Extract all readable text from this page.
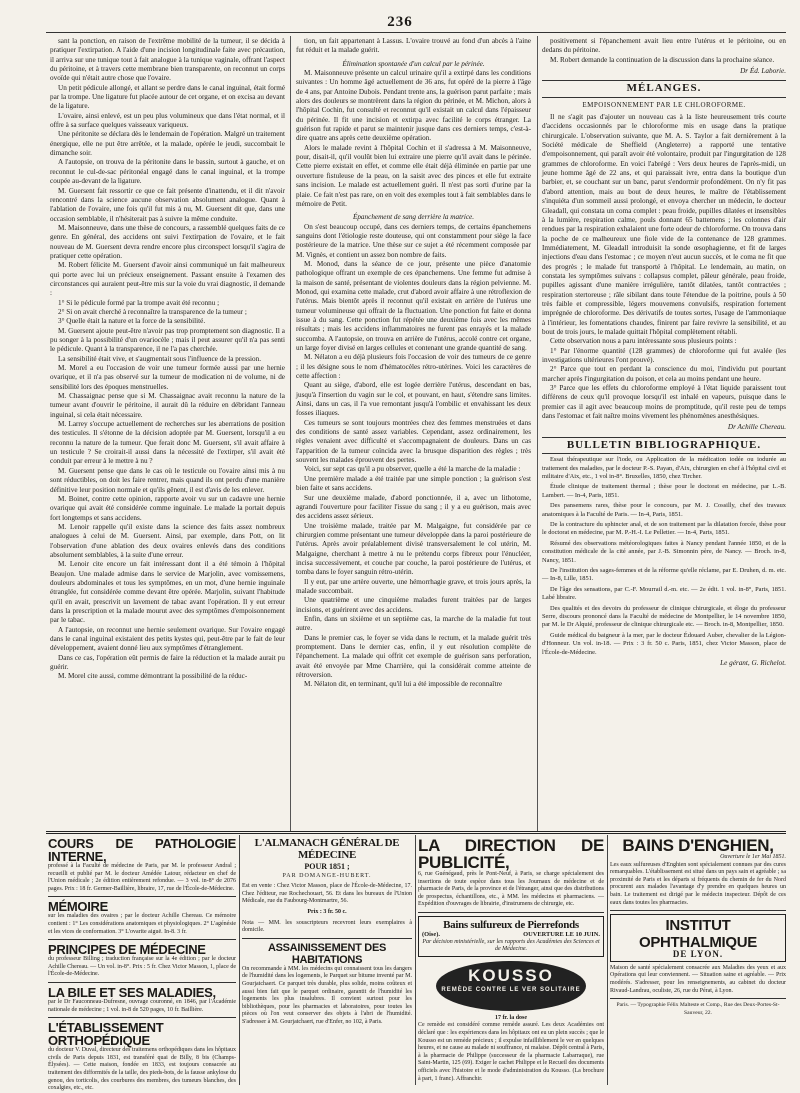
236

sant la ponction, en raison de l'extrême mobilité de la tumeur, il se décida à pratiquer l'extirpation. A l'aide d'une incision longitudinale faite avec précaution, il arriva sur une tunique tout à fait analogue à la tunique vaginale, offrant l'aspect du péritoine, et à travers cette membrane bien transparente, on reconnut un corps ovoïde qui n'était autre chose que l'ovaire.

Un petit pédicule allongé, et allant se perdre dans le canal inguinal, était formé par la trompe. Une ligature fut placée autour de cet organe, et on excisa au devant de la ligature.

L'ovaire, ainsi enlevé, est un peu plus volumineux que dans l'état normal, et il offre à sa surface quelques vaisseaux variqueux.

Une péritonite se déclara dès le lendemain de l'opération. Malgré un traitement énergique, elle ne put être arrêtée, et la malade, opérée le jeudi, succombait le dimanche soir.

A l'autopsie, on trouva de la péritonite dans le bassin, surtout à gauche, et on reconnut le cul-de-sac péritonéal engagé dans le canal inguinal, et la trompe coupée au-devant de la ligature.

M. Guersent fait ressortir ce que ce fait présente d'inattendu, et il dit n'avoir rencontré dans la science aucune observation absolument analogue. Quant à l'ablation de l'ovaire, une fois qu'il fut mis à nu, M. Guersent dit que, dans une occasion semblable, il n'hésiterait pas à suivre la même conduite.

M. Maisonneuve, dans une thèse de concours, a rassemblé quelques faits de ce genre. En général, des accidens ont suivi l'extirpation de l'ovaire, et le fait nouveau de M. Guersent devra rendre encore plus circonspect lorsqu'il s'agira de pratiquer cette opération.

M. Robert félicite M. Guersent d'avoir ainsi communiqué un fait malheureux qui porte avec lui un précieux enseignement. Passant ensuite à l'examen des circonstances qui auraient peut-être mis sur la voie du vrai diagnostic, il demande :

1° Si le pédicule formé par la trompe avait été reconnu ;

2° Si on avait cherché à reconnaître la transparence de la tumeur ;

3° Quelle était la nature et la force de la sensibilité.

M. Guersent ajoute peut-être n'avoir pas trop promptement son diagnostic. Il a pu songer à la possibilité d'un ovariocèle ; mais il peut assurer qu'il n'a pas senti le pédicule. Quant à la transparence, il ne l'a pas cherchée.

La sensibilité était vive, et s'augmentait sous l'influence de la pression.

M. Morel a eu l'occasion de voir une tumeur formée aussi par une hernie ovarique, et il n'a pas observé sur la tumeur de modication ni de volume, ni de sensibilité lors des époques menstruelles.

M. Chassaignac pense que si M. Chassaignac avait reconnu la nature de la tumeur avant d'ouvrir le péritoine, il aurait dû la réduire en débridant l'anneau inguinal, si cela était nécessaire.

M. Larrey s'occupe actuellement de recherches sur les aberrations de position des testicules. Il s'étonne de la décision adoptée par M. Guersent, lorsqu'il a eu reconnu la nature de la tumeur. Que ferait donc M. Guersent, s'il avait affaire à un testicule ? Se croirait-il aussi dans la nécessité de l'extirper, s'il avait été conduit par erreur à le mettre à nu ?

M. Guersent pense que dans le cas où le testicule ou l'ovaire ainsi mis à nu sont réductibles, on doit les faire rentrer, mais quand ils ont perdu d'une manière définitive leur position normale et qu'ils gênent, il est d'avis de les enlever.

M. Boinet, contre cette opinion, rapporte avoir vu sur un cadavre une hernie ovarique qui avait été considérée comme inguinale. Le malade la portait depuis fort longtemps et sans accidens.

M. Lenoir rappelle qu'il existe dans la science des faits assez nombreux analogues à celui de M. Guersent. Ainsi, par exemple, dans Pott, on lit l'observation d'une ablation des deux ovaires enlevés dans des conditions absolument semblables, à la suite d'une erreur.

M. Lenoir cite encore un fait intéressant dont il a été témoin à l'hôpital Beaujon. Une malade admise dans le service de Marjolin, avec vomissemens, douleurs abdominales et tous les symptômes, en un mot, d'une hernie inguinale étranglée, fut considérée comme devant être opérée. Marjolin, suivant l'habitude qu'il en avait, prescrivit un lavement de tabac avant l'opération. Il y eut erreur dans la prescription et la malade mourut avec des symptômes d'empoisonnement par le tabac.

A l'autopsie, on reconnut une hernie seulement ovarique. Sur l'ovaire engagé dans le canal inguinal existaient des petits kystes qui, peut-être par le fait de leur développement, avaient donné lieu aux symptômes d'étranglement.

Dans ce cas, l'opération eût permis de faire la réduction et la malade aurait pu guérir.

M. Morel cite aussi, comme démontrant la possibilité de la réduc-

tion, un fait appartenant à Lassus. L'ovaire trouvé au fond d'un abcès à l'aine fut réduit et la malade guérit.

Élimination spontanée d'un calcul par le périnée.

M. Maisonneuve présente un calcul urinaire qu'il a extirpé dans les conditions suivantes : Un homme âgé actuellement de 36 ans, fut opéré de la pierre à l'âge de 4 ans, par Antoine Dubois. Pendant trente ans, la guérison parut parfaite ; mais alors des douleurs se montrèrent dans la région du périnée, et M. Michon, alors à l'hôpital Cochin, fut consulté et reconnut qu'il existait un calcul dans l'épaisseur du périnée. Il fit une incision et extirpa avec facilité le corps étranger. La guérison fut rapide et parut se maintenir jusque dans ces derniers temps, c'est-à-dire quatre ans après cette deuxième opération.

Alors le malade revint à l'hôpital Cochin et il s'adressa à M. Maisonneuve, pour, disait-il, qu'il voulût bien lui extraire une pierre qu'il avait dans le périnée. Cette pierre existait en effet, et comme elle était déjà éliminée en partie par une ouverture fistuleuse de la peau, on la saisit avec des pinces et elle fut extraite sans incision. Le malade est actuellement guéri. Il n'est pas sorti d'urine par la plaie. Ce fait n'est pas rare, on en voit des exemples tout à fait semblables dans le mémoire de Petit.

Épanchement de sang derrière la matrice.

On s'est beaucoup occupé, dans ces derniers temps, de certains épanchemens sanguins dont l'étiologie reste douteuse, qui ont constamment pour siège la face postérieure de la matrice. Une thèse sur ce sujet a été récemment composée par M. Vignès, et contient un assez bon nombre de faits.

M. Monod, dans la séance de ce jour, présente une pièce d'anatomie pathologique offrant un exemple de ces épanchemens. Une femme fut admise à la maison de santé, présentant de violentes douleurs dans la région pelvienne. M. Monod, qui examina cette malade, crut d'abord avoir affaire à une rétroflexion de l'utérus. Mais bientôt après il reconnut qu'il existait en arrière de l'utérus une tumeur volumineuse qui offrait de la fluctuation. Une ponction fut faite et donna issue à du sang. Cette ponction fut répétée une deuxième fois avec les mêmes résultats ; mais les accidens inflammatoires ne furent pas enrayés et la malade succomba. A l'autopsie, on trouva en arrière de l'utérus, accolé contre cet organe, un large foyer divisé en larges cellules et contenant une grande quantité de sang.

M. Nélaton a eu déjà plusieurs fois l'occasion de voir des tumeurs de ce genre ; il les désigne sous le nom d'hématocèles rétro-utérines. Voici les caractères de cette affection :

Quant au siège, d'abord, elle est logée derrière l'utérus, descendant en bas, jusqu'à l'insertion du vagin sur le col, et pouvant, en haut, s'étendre sans limites. Ainsi, dans un cas, il l'a vue remontant jusqu'à l'ombilic et envahissant les deux fosses iliaques.

Ces tumeurs se sont toujours montrées chez des femmes menstruées et dans des conditions de santé assez variables. Cependant, assez ordinairement, les règles venaient avec difficulté et s'accompagnaient de douleurs. Dans un cas l'apparition de la tumeur coïncida avec la brusque disparition des règles ; très souvent les malades éprouvent des pertes.

Voici, sur sept cas qu'il a pu observer, quelle a été la marche de la maladie :

Une première malade a été traitée par une simple ponction ; la guérison s'est bien faite et sans accidens.

Sur une deuxième malade, d'abord ponctionnée, il a, avec un lithotome, agrandi l'ouverture pour faciliter l'issue du sang ; il y a eu guérison, mais avec des accidens assez sérieux.

Une troisième malade, traitée par M. Malgaigne, fut considérée par ce chirurgien comme présentant une tumeur développée dans la paroi postérieure de l'utérus. Après avoir préalablement divisé transversalement le col utérin, M. Malgaigne, cherchant à mettre à nu le prétendu corps fibreux pour l'énucléer, incisa successivement, et couche par couche, la paroi postérieure de l'utérus, et tomba dans le foyer sanguin rétro-utérin.

Il y eut, par une artère ouverte, une hémorrhagie grave, et trois jours après, la malade succombait.

Une quatrième et une cinquième malades furent traitées par de larges incisions, et guérirent avec des accidens.

Enfin, dans un sixième et un septième cas, la marche de la maladie fut tout autre.

Dans le premier cas, le foyer se vida dans le rectum, et la malade guérit très promptement. Dans le dernier cas, enfin, il y eut résolution complète de l'épanchement. La malade qui offrit cet exemple de guérison sans perforation, avait été envoyée par Mme Charrière, qui la considérait comme atteinte de rétroversion.

M. Nélaton dit, en terminant, qu'il lui a été impossible de reconnaître

positivement si l'épanchement avait lieu entre l'utérus et le péritoine, ou en dedans du péritoine.

M. Robert demande la continuation de la discussion dans la prochaine séance.

Dr Éd. Laborie.

MÉLANGES.
EMPOISONNEMENT PAR LE CHLOROFORME.

Il ne s'agit pas d'ajouter un nouveau cas à la liste heureusement très courte d'accidens occasionnés par le chloroforme mis en usage dans la pratique chirurgicale. L'observation suivante, que M. A. S. Taylor a fait dernièrement à la Société médicale de Sheffield (Angleterre) a rapporté une tentative d'empoisonnement, qui paraît avoir été volontaire, produit par l'ingurgitation de 128 grammes de chloroforme. En voici l'abrégé : Vers deux heures de l'après-midi, un jeune homme âgé de 22 ans, et qui paraissait ivre, entra dans la boutique d'un barbier, et, se couchant sur un banc, parut s'endormir profondément. On n'y fit pas d'abord attention, mais au bout de deux heures, le maître de l'établissement s'inquiéta d'un sommeil aussi prolongé, et envoya chercher un médecin, le docteur Gleadall, qui constata un coma complet : peau froide, pupilles dilatées et insensibles à la lumière, respiration calme, pouls donnant 65 battemens ; les colonnes d'air rendues par la respiration exhalaient une forte odeur de chloroforme. On trouva dans la poche de ce malheureux une fiole vide de la contenance de 128 grammes. Immédiatement, M. Gleadall introduisit la sonde œsophagienne, et fit de larges injections d'eau dans l'estomac ; ce moyen n'eut aucun succès, et le coma ne fit que des progrès ; le malade fut transporté à l'hôpital. Le lendemain, au matin, on constata les symptômes suivans : collapsus complet, pâleur générale, peau froide, pupilles agissant d'une manière irrégulière, tantôt dilatées, tantôt contractées ; respiration stertoreuse ; râle sibilant dans toute l'étendue de la poitrine, pouls à 50 très faible et compressible, légers mouvemens convulsifs, respiration fortement imprégnée de chloroforme. Des dérivatifs de toutes sortes, l'usage de l'ammoniaque à l'intérieur, les fomentations chaudes, finirent par faire revivre la sensibilité, et au bout de trois jours, le malade quittait l'hôpital complètement rétabli.

Cette observation nous a paru intéressante sous plusieurs points :

1° Par l'énorme quantité (128 grammes) de chloroforme qui fut avalée (les investigations ultérieures l'ont prouvé).

2° Parce que tout en perdant la conscience du moi, l'individu put pourtant marcher après l'ingurgitation du poison, et cela au moins pendant une heure.

3° Parce que les effets du chloroforme employé à l'état liquide paraissent tout différens de ceux qu'il provoque lorsqu'il est inhalé en vapeurs, puisque dans le premier cas il agit avec beaucoup moins de promptitude, qu'il reste peu de temps dans l'estomac et fait naître moins vivement les phénomènes anesthésiques.

Dr Achille Chereau.

BULLETIN BIBLIOGRAPHIQUE.

Essai thérapeutique sur l'iode, ou Application de la médication iodée ou iodurée au traitement des maladies, par le docteur P.-S. Payan, d'Aix, chirurgien en chef à l'hôpital civil et militaire d'Aix, etc., 1 vol in-8°. Bruxelles, 1850, chez Tircher.

Étude clinique de traitement thermal ; thèse pour le doctorat en médecine, par L.-B. Lambert. — In-4, Paris, 1851.

Des pansemens rares, thèse pour le concours, par M. J. Cossilly, chef des travaux anatomiques à la Faculté de Paris. — In-4, Paris, 1851.

De la contracture du sphincter anal, et de son traitement par la dilatation forcée, thèse pour le doctorat en médecine, par M. P.-H.-I. Le Pelletier. — In-4, Paris, 1851.

Résumé des observations météorologiques faites à Nancy pendant l'année 1850, et de la constitution médicale de la cité année, par J.-B. Simonnin père, de Nancy. — Broch. in-8, Nancy, 1851.

De l'institution des sages-femmes et de la réforme qu'elle réclame, par E. Druhen, d. m. etc. — In-8, Lille, 1851.

De l'âge des sensations, par C.-F. Mourrail d.-m. etc. — 2e édit. 1 vol. in-8°, Paris, 1851. Labé libraire.

Des qualités et des devoirs du professeur de clinique chirurgicale, et éloge du professeur Serre, discours prononcé dans la Faculté de médecine de Montpellier, le 14 novembre 1850, par M. le Dr Alquié, professeur de clinique chirurgicale etc. — Broch. in-8, Montpellier, 1850.

Guide médical du baigneur à la mer, par le docteur Édouard Auber, chevalier de la Légion-d'Honneur. Un vol. in-18. — Prix : 3 fr. 50 c. Paris, 1851, chez Victor Masson, place de l'École-de-Médecine.

Le gérant, G. Richelot.

COURS DE PATHOLOGIE INTERNE,
professé à la Faculté de médecine de Paris, par M. le professeur Andral ; recueilli et publié par M. le docteur Amédée Latour, rédacteur en chef de l'Union médicale ; 2e édition entièrement refondue. — 3 vol. in-8° de 2076 pages. Prix : 18 fr. Germer-Baillière, libraire, 17, rue de l'École-de-Médecine.
MÉMOIRE
sur les maladies des ovaires ; par le docteur Achille Chereau. Ce mémoire contient : 1° Les considérations anatomiques et physiologiques. 2° L'agénésie et les vices de conformation. 3° L'ovarite aiguë. In-8. 3 fr.
PRINCIPES DE MÉDECINE
du professeur Billing ; traduction française sur la 4e édition ; par le docteur Achille Chereau. — Un vol. in-8°. Prix : 5 fr. Chez Victor Masson, 1, place de l'École-de-Médecine.
LA BILE ET SES MALADIES,
par le Dr Fauconneau-Dufresne, ouvrage couronné, en 1846, par l'Académie nationale de médecine ; 1 vol. in-8 de 520 pages, 10 fr. Baillière.
L'ÉTABLISSEMENT ORTHOPÉDIQUE
du docteur V. Duval, directeur des traitemens orthopédiques dans les hôpitaux civils de Paris depuis 1831, est transféré quai de Billy, 8 bis (Champs-Élysées). — Cette maison, fondée en 1833, est toujours consacrée au traitement des difformités de la taille, des pieds-bots, de la fausse ankylose du genou, des torticolis, des courbures des membres, des tumeurs blanches, des coxalgies, etc., etc.
L'ALMANACH GÉNÉRAL DE MÉDECINE
POUR 1851 ;
PAR DOMANGE-HUBERT.
Est en vente : Chez Victor Masson, place de l'École-de-Médecine, 17. Chez l'éditeur, rue Rochechouart, 56. Et dans les bureaux de l'Union Médicale, rue du Faubourg-Montmartre, 56.
Prix : 3 fr. 50 c.
Nota — MM. les souscripteurs recevront leurs exemplaires à domicile.
ASSAINISSEMENT DES HABITATIONS
On recommande à MM. les médecins qui connaissent tous les dangers de l'humidité dans les logements, le Parquet sur bitume inventé par M. Gourjatchaert. Ce parquet très durable, plus solide, moins coûteux et aussi bien fait que le parquet ordinaire, garantit de l'humidité les logements les plus insalubres. Il convient surtout pour les bibliothèques, pour les pharmacies et laboratoires, pour toutes les pièces où l'on veut conserver des objets à l'abri de l'humidité. S'adresser à M. Gourjatchaert, rue d'Enfer, no 102, à Paris.
LA DIRECTION DE PUBLICITÉ,
6, rue Guénégaud, près le Pont-Neuf, à Paris, se charge spécialement des insertions de toute espèce dans tous les Journaux de médecine et de pharmacie de Paris, de la province et de l'étranger, ainsi que des distributions de prospectus, échantillons, etc., à MM. les médecins et pharmaciens. — Expédition d'ouvrages de librairie, d'instrumens de chirurgie, etc.
Bains sulfureux de Pierrefonds
(Oise).	OUVERTURE LE 10 JUIN.
Par décision ministérielle, sur les rapports des Académies des Sciences et de Médecine.
KOUSSO
REMÈDE CONTRE LE VER SOLITAIRE
17 fr. la dose
Ce remède est considéré comme remède assuré. Les deux Académies ont déclaré que : les expériences dans les hôpitaux ont eu un plein succès ; que le Kousso est un remède précieux ; il expulse infailliblement le ver en quelques heures, et ne cause au malade ni souffrance, ni malaise. Dépôt central à Paris, à la pharmacie de Philippe (successeur de la pharmacie Labarraque), rue Saint-Martin, 125 (69). Exiger le cachet Philippe et le Recueil des documents officiels avec l'histoire et le mode d'administration du Kousso. (La brochure à part, 1 franc). Affranchir.
BAINS D'ENGHIEN,
Ouverture le 1er Mai 1851.
Les eaux sulfureuses d'Enghien sont spécialement connues par des cures remarquables. L'établissement est situé dans un pays sain et agréable ; sa proximité de Paris et les départs si fréquents du chemin de fer du Nord procurent aux malades l'avantage d'y prendre en quelques heures un bain. Le traitement est dirigé par le médecin inspecteur. Dépôt de ces eaux dans toutes les pharmacies.
INSTITUT OPHTHALMIQUE
DE LYON.
Maison de santé spécialement consacrée aux Maladies des yeux et aux Opérations qui leur conviennent. — Situation saine et agréable. — Prix modérés. S'adresser, pour les renseignements, au cabinet du docteur Rivaud-Landrau, oculiste, 26, rue du Pérat, à Lyon.
Paris. — Typographie Félix Malteste et Comp., Rue des Deux-Portes-St-Sauveur, 22.
